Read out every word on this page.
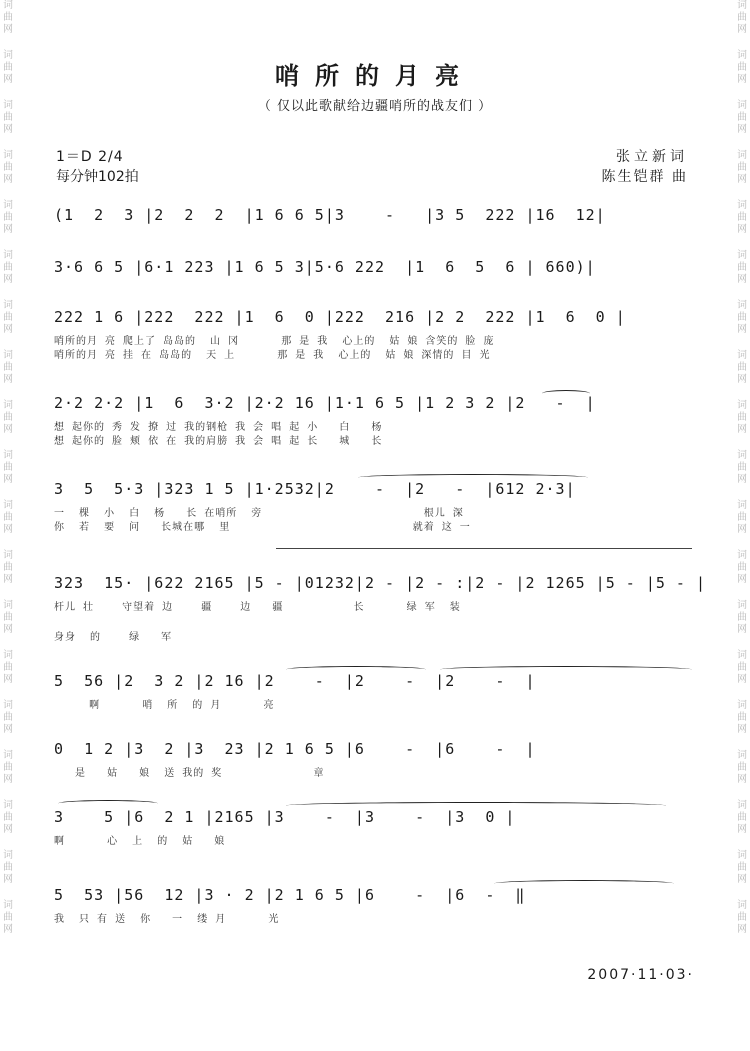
词
曲
网
词
曲
网
词
曲
网
词
曲
网
词
曲
网
词
曲
网
词
曲
网
词
曲
网
词
曲
网
词
曲
网
词
曲
网
词
曲
网
词
曲
网
词
曲
网
词
曲
网
词
曲
网
词
曲
网
词
曲
网
词
曲
网
词
曲
网
词
曲
网
词
曲
网
词
曲
网
词
曲
网
词
曲
网
词
曲
网
词
曲
网
词
曲
网
词
曲
网
词
曲
网
词
曲
网
词
曲
网
词
曲
网
词
曲
网
词
曲
网
词
曲
网
词
曲
网
词
曲
网
哨所的月亮
（ 仅以此歌献给边疆哨所的战友们 ）
1＝D 2/4
每分钟102拍
张立新词
陈生铠群 曲
(1  2  3 |2  2  2  |1 6 6 5|3    -   |3 5  222 |16  12|
3·6 6 5 |6·1 223 |1 6 5 3|5·6 222  |1  6  5  6 | 660)|
222 1 6 |222  222 |1  6  0 |222  216 |2 2  222 |1  6  0 |
哨所的月 亮 爬上了 岛岛的  山 冈      那 是 我  心上的  姑 娘 含笑的 脸 庞
哨所的月 亮 挂 在 岛岛的  天 上      那 是 我  心上的  姑 娘 深情的 目 光
2·2 2·2 |1  6  3·2 |2·2 16 |1·1 6 5 |1 2 3 2 |2   -  |
想 起你的 秀 发 撩 过 我的钢枪 我 会 唱 起 小   白   杨
想 起你的 脸 颊 依 在 我的肩膀 我 会 唱 起 长   城   长
3  5  5·3 |323 1 5 |1·2532|2    -  |2   -  |612 2·3|
一  棵  小  白  杨   长 在哨所  旁                       根儿 深
你  若  要  问   长城在哪  里                          就着 这 一
323  15· |622 2165 |5 - |01232|2 - |2 - :|2 - |2 1265 |5 - |5 - |
杆儿 壮    守望着 边    疆    边   疆          长      绿 军  装
身身  的    绿   军
5  56 |2  3 2 |2 16 |2    -  |2    -  |2    -  |
啊      哨  所  的 月      亮
0  1 2 |3  2 |3  23 |2 1 6 5 |6    -  |6    -  |
是   姑   娘  送 我的 奖             章
3    5 |6  2 1 |2165 |3    -  |3    -  |3  0 |
啊      心  上  的  姑   娘
5  53 |56  12 |3 · 2 |2 1 6 5 |6    -  |6  -  ‖
我  只 有 送  你   一  缕 月      光
2007·11·03·
